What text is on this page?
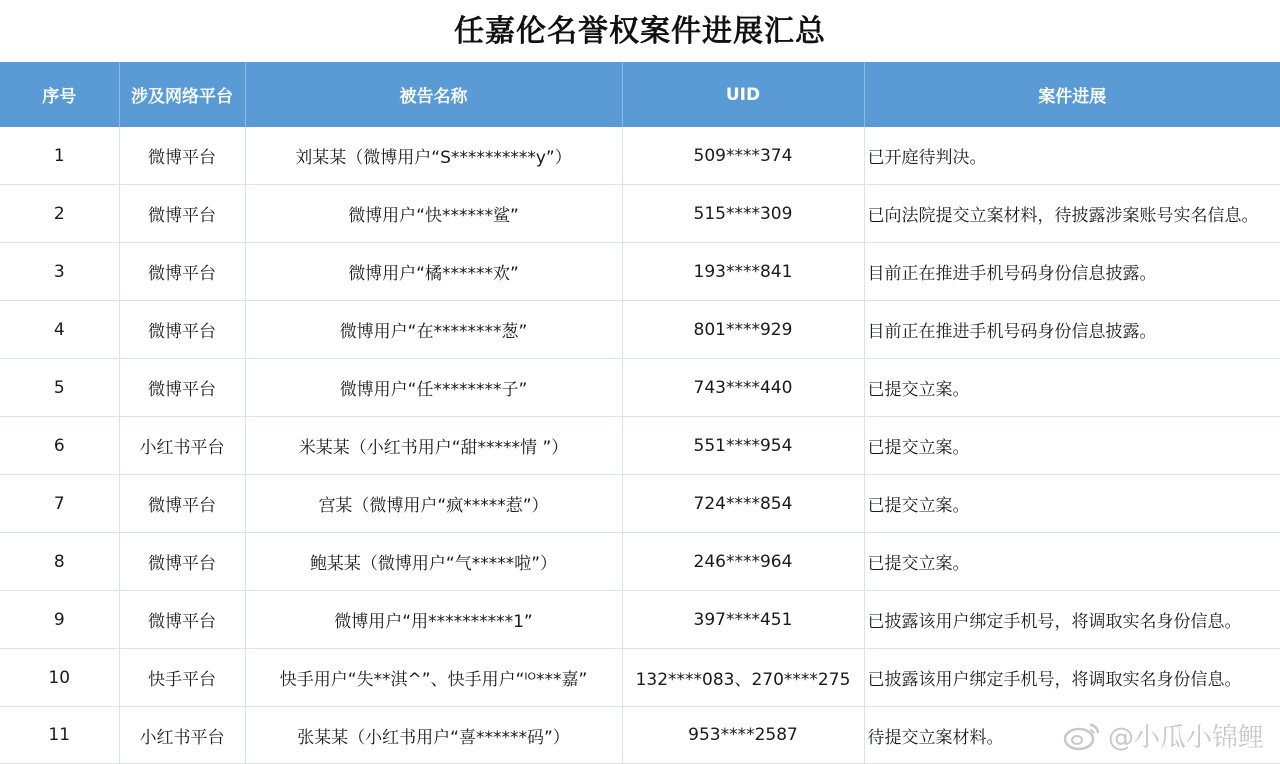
任嘉伦名誉权案件进展汇总
序号	涉及网络平台	被告名称	UID	案件进展
1	微博平台	刘某某（微博用户“S**********y”）	509****374	已开庭待判决。
2	微博平台	微博用户“快******鲨”	515****309	已向法院提交立案材料，待披露涉案账号实名信息。
3	微博平台	微博用户“橘******欢”	193****841	目前正在推进手机号码身份信息披露。
4	微博平台	微博用户“在********葱”	801****929	目前正在推进手机号码身份信息披露。
5	微博平台	微博用户“任********子”	743****440	已提交立案。
6	小红书平台	米某某（小红书用户“甜*****情 ”）	551****954	已提交立案。
7	微博平台	宫某（微博用户“疯*****惹”）	724****854	已提交立案。
8	微博平台	鲍某某（微博用户“气*****啦”）	246****964	已提交立案。
9	微博平台	微博用户“用**********1”	397****451	已披露该用户绑定手机号，将调取实名身份信息。
10	快手平台	快手用户“失**淇^”、快手用户“ᴵᴼ***嘉”	132****083、270****275	已披露该用户绑定手机号，将调取实名身份信息。
11	小红书平台	张某某（小红书用户“喜******码”）	953****2587	待提交立案材料。	@小瓜小锦鲤
